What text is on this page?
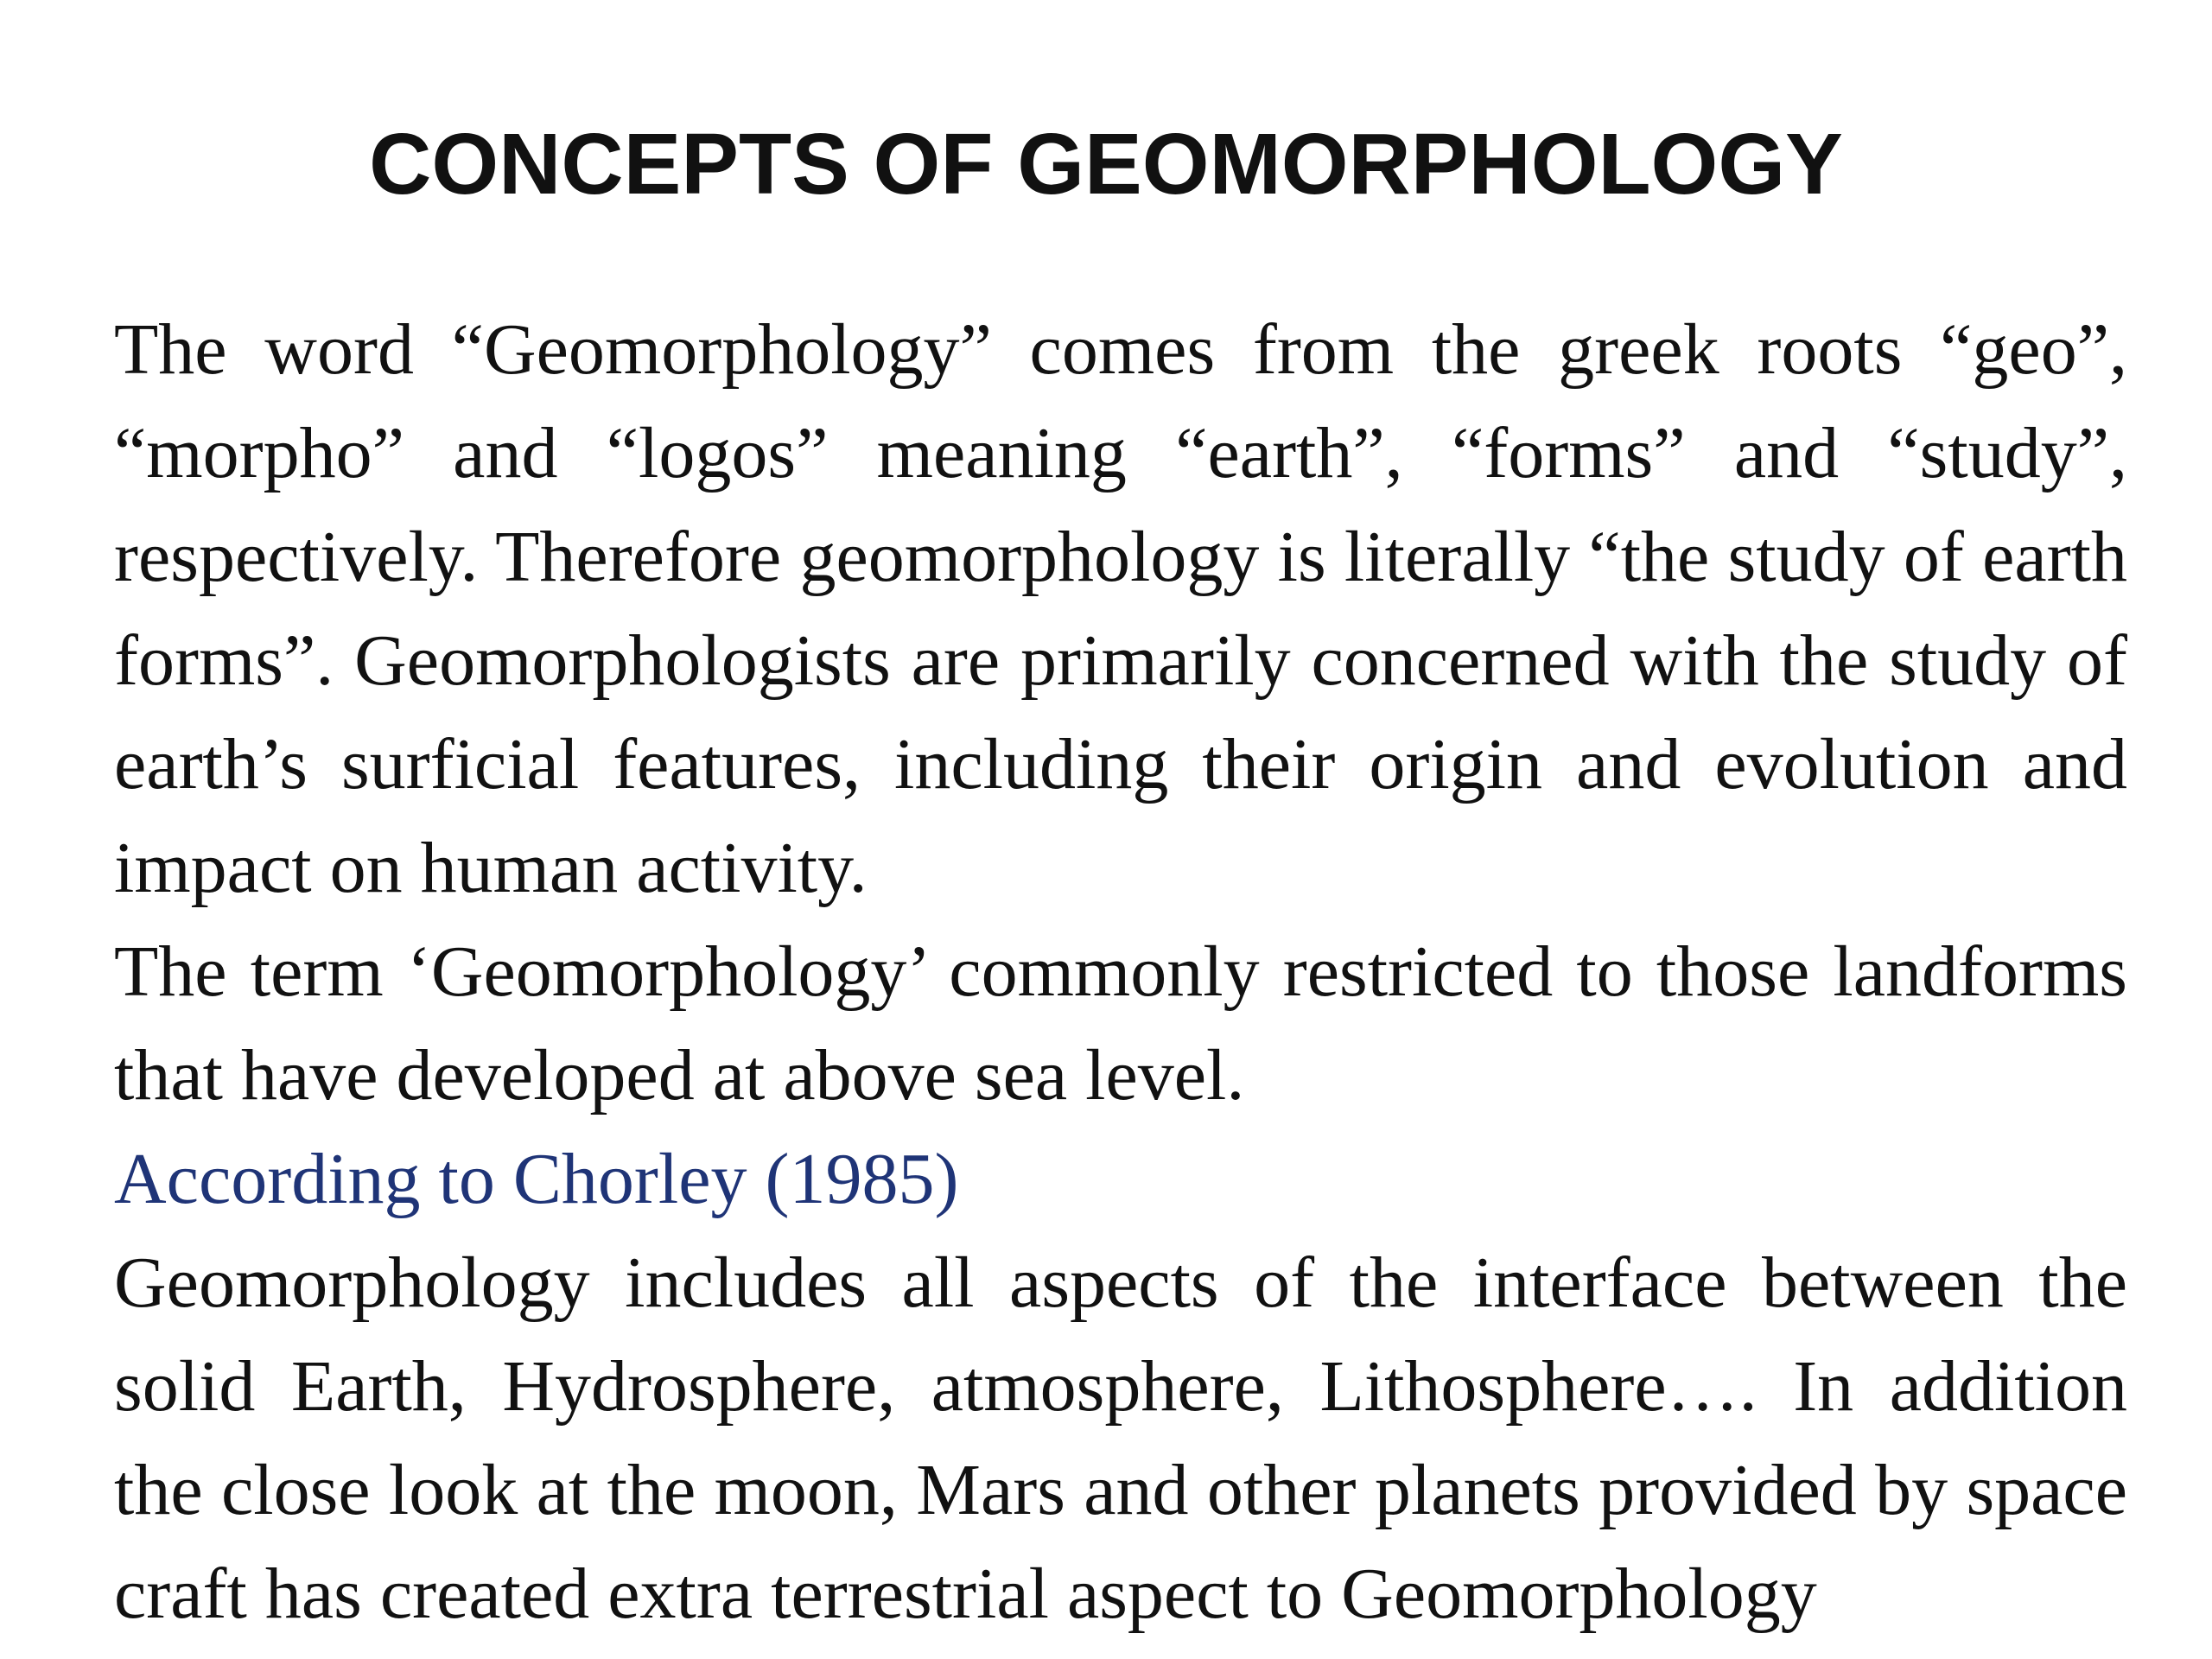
CONCEPTS OF GEOMORPHOLOGY

The word “Geomorphology” comes from the greek roots “geo”, “morpho” and “logos” meaning “earth”, “forms” and “study”, respectively. Therefore geomorphology is literally “the study of earth forms”. Geomorphologists are primarily concerned with the study of earth’s surficial features, including their origin and evolution and impact on human activity.

The term ‘Geomorphology’ commonly restricted to those landforms that have developed at above sea level.

According to Chorley (1985)

Geomorphology includes all aspects of the interface between the solid Earth, Hydrosphere, atmosphere, Lithosphere…. In addition the close look at the moon, Mars and other planets provided by space craft has created extra terrestrial aspect to Geomorphology
